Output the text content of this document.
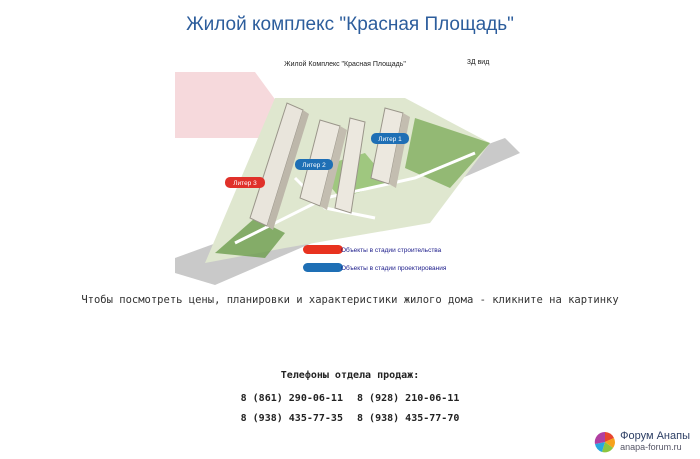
Жилой комплекс "Красная Площадь"
Жилой Комплекс "Красная Площадь"	3Д вид
Литер 1
Литер 2
Литер 3
Объекты в стадии строительства
Объекты в стадии проектирования
Чтобы посмотреть цены, планировки и характеристики жилого дома - кликните на картинку
Телефоны отдела продаж:
8 (861) 290-06-11 8 (928) 210-06-11
8 (938) 435-77-35 8 (938) 435-77-70
Форум Анапы
anapa-forum.ru
